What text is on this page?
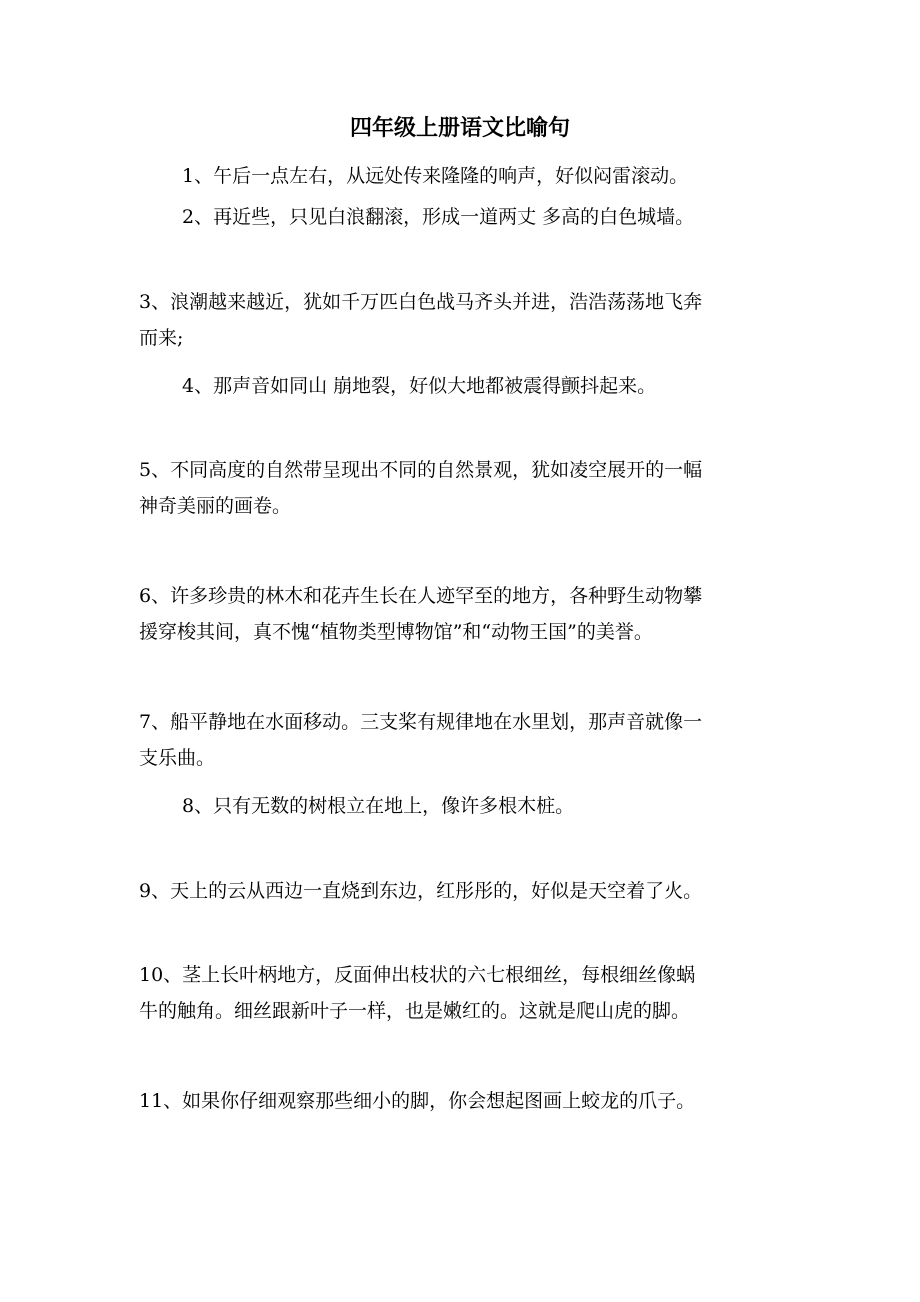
四年级上册语文比喻句
1、午后一点左右，从远处传来隆隆的响声，好似闷雷滚动。
2、再近些，只见白浪翻滚，形成一道两丈 多高的白色城墙。
3、浪潮越来越近，犹如千万匹白色战马齐头并进，浩浩荡荡地飞奔
而来;
4、那声音如同山 崩地裂，好似大地都被震得颤抖起来。
5、不同高度的自然带呈现出不同的自然景观，犹如凌空展开的一幅
神奇美丽的画卷。
6、许多珍贵的林木和花卉生长在人迹罕至的地方，各种野生动物攀
援穿梭其间，真不愧“植物类型博物馆”和“动物王国”的美誉。
7、船平静地在水面移动。三支桨有规律地在水里划，那声音就像一
支乐曲。
8、只有无数的树根立在地上，像许多根木桩。
9、天上的云从西边一直烧到东边，红彤彤的，好似是天空着了火。
10、茎上长叶柄地方，反面伸出枝状的六七根细丝，每根细丝像蜗
牛的触角。细丝跟新叶子一样，也是嫩红的。这就是爬山虎的脚。
11、如果你仔细观察那些细小的脚，你会想起图画上蛟龙的爪子。
